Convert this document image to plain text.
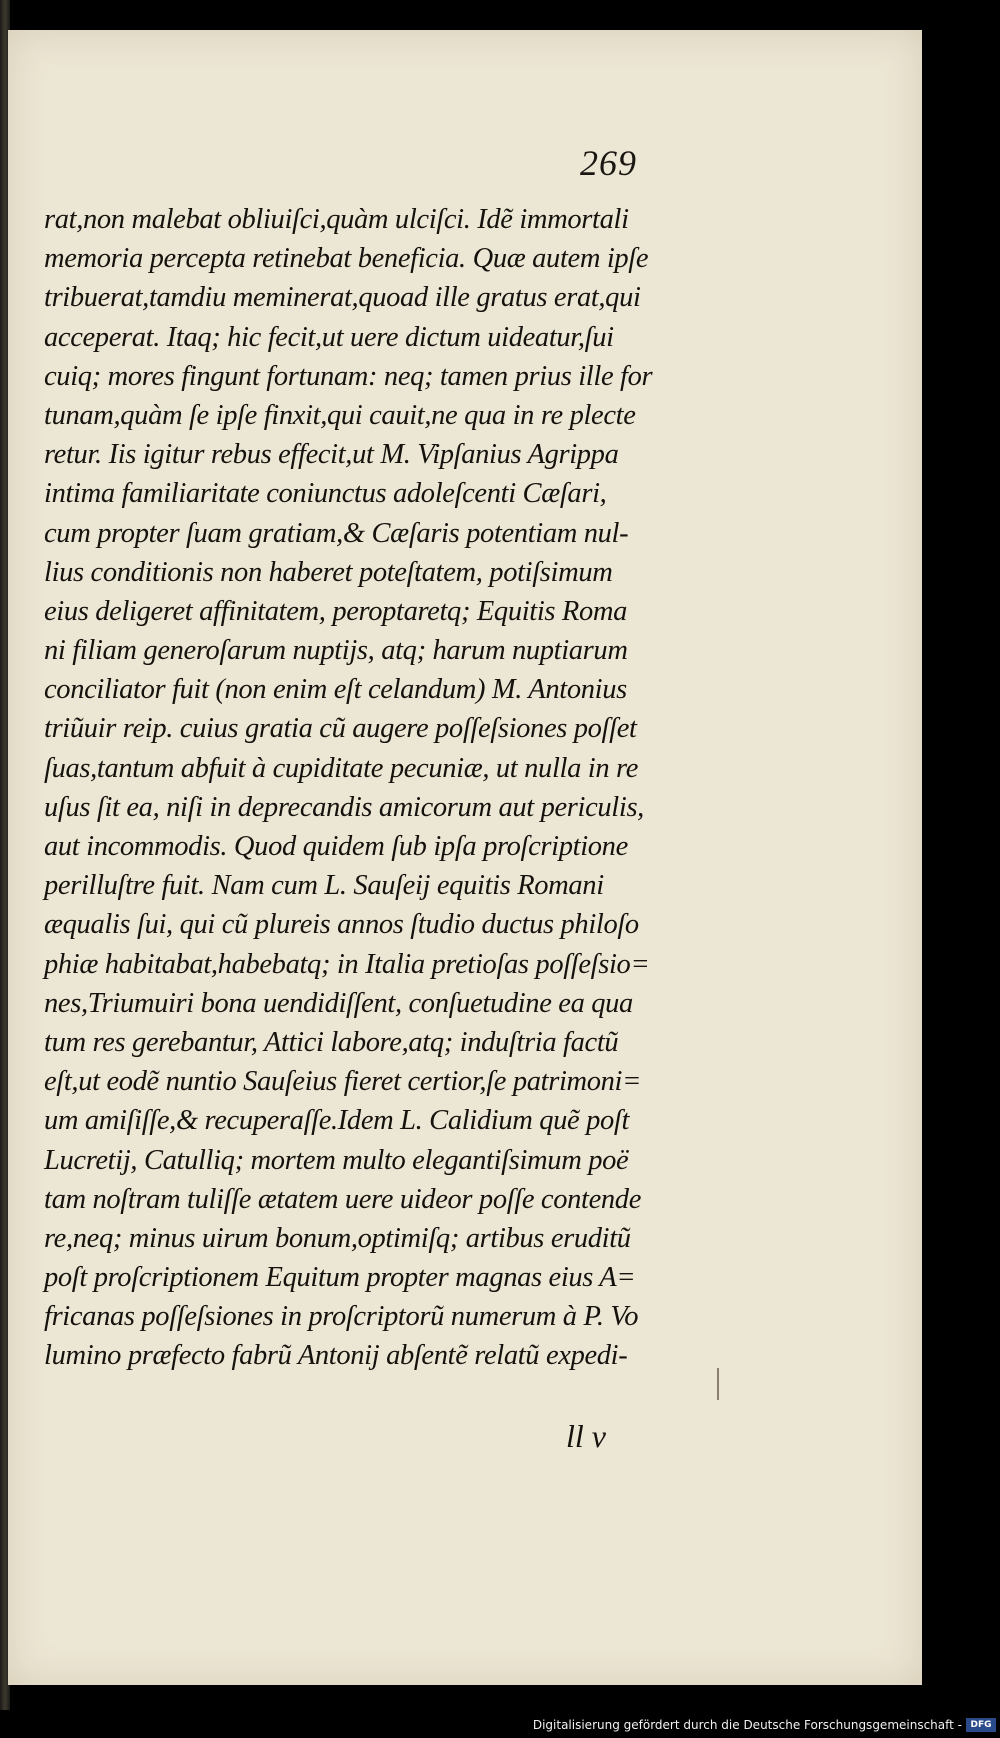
269
rat,non malebat obliuiſci,quàm ulciſci. Idẽ immortali
memoria percepta retinebat beneficia. Quæ autem ipſe
tribuerat,tamdiu meminerat,quoad ille gratus erat,qui
acceperat. Itaq; hic fecit,ut uere dictum uideatur,ſui
cuiq; mores fingunt fortunam: neq; tamen prius ille for
tunam,quàm ſe ipſe finxit,qui cauit,ne qua in re plecte
retur. Iis igitur rebus effecit,ut M. Vipſanius Agrippa
intima familiaritate coniunctus adoleſcenti Cæſari,
cum propter ſuam gratiam,& Cæſaris potentiam nul-
lius conditionis non haberet poteſtatem, potiſsimum
eius deligeret affinitatem, peroptaretq; Equitis Roma
ni filiam generoſarum nuptijs, atq; harum nuptiarum
conciliator fuit (non enim eſt celandum) M. Antonius
triũuir reip. cuius gratia cũ augere poſſeſsiones poſſet
ſuas,tantum abfuit à cupiditate pecuniæ, ut nulla in re
uſus ſit ea, niſi in deprecandis amicorum aut periculis,
aut incommodis. Quod quidem ſub ipſa proſcriptione
perilluſtre fuit. Nam cum L. Sauſeij equitis Romani
æqualis ſui, qui cũ plureis annos ſtudio ductus philoſo
phiæ habitabat,habebatq; in Italia pretioſas poſſeſsio=
nes,Triumuiri bona uendidiſſent, conſuetudine ea qua
tum res gerebantur, Attici labore,atq; induſtria factũ
eſt,ut eodẽ nuntio Sauſeius fieret certior,ſe patrimoni=
um amiſiſſe,& recuperaſſe.Idem L. Calidium quẽ poſt
Lucretij, Catulliq; mortem multo elegantiſsimum poë
tam noſtram tuliſſe ætatem uere uideor poſſe contende
re,neq; minus uirum bonum,optimiſq; artibus eruditũ
poſt proſcriptionem Equitum propter magnas eius A=
fricanas poſſeſsiones in proſcriptorũ numerum à P. Vo
lumino præfecto fabrũ Antonij abſentẽ relatũ expedi-
ll v
Digitalisierung gefördert durch die Deutsche Forschungsgemeinschaft - DFG
